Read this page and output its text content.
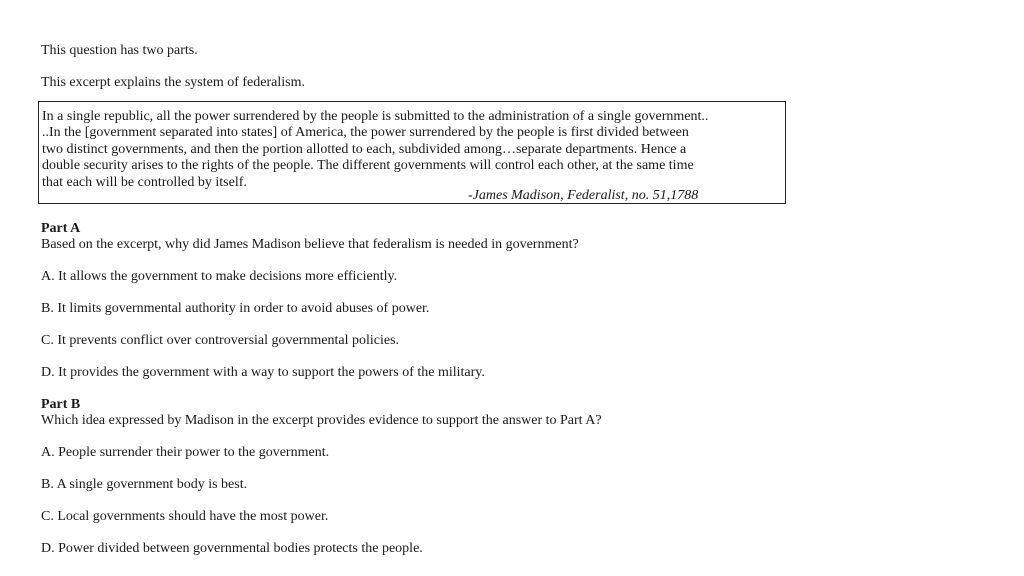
This question has two parts.
This excerpt explains the system of federalism.
In a single republic, all the power surrendered by the people is submitted to the administration of a single government..
..In the [government separated into states] of America, the power surrendered by the people is first divided between
two distinct governments, and then the portion allotted to each, subdivided among…separate departments. Hence a
double security arises to the rights of the people. The different governments will control each other, at the same time
that each will be controlled by itself.
-James Madison, Federalist, no. 51,1788
Part A
Based on the excerpt, why did James Madison believe that federalism is needed in government?
A. It allows the government to make decisions more efficiently.
B. It limits governmental authority in order to avoid abuses of power.
C. It prevents conflict over controversial governmental policies.
D. It provides the government with a way to support the powers of the military.
Part B
Which idea expressed by Madison in the excerpt provides evidence to support the answer to Part A?
A. People surrender their power to the government.
B. A single government body is best.
C. Local governments should have the most power.
D. Power divided between governmental bodies protects the people.
